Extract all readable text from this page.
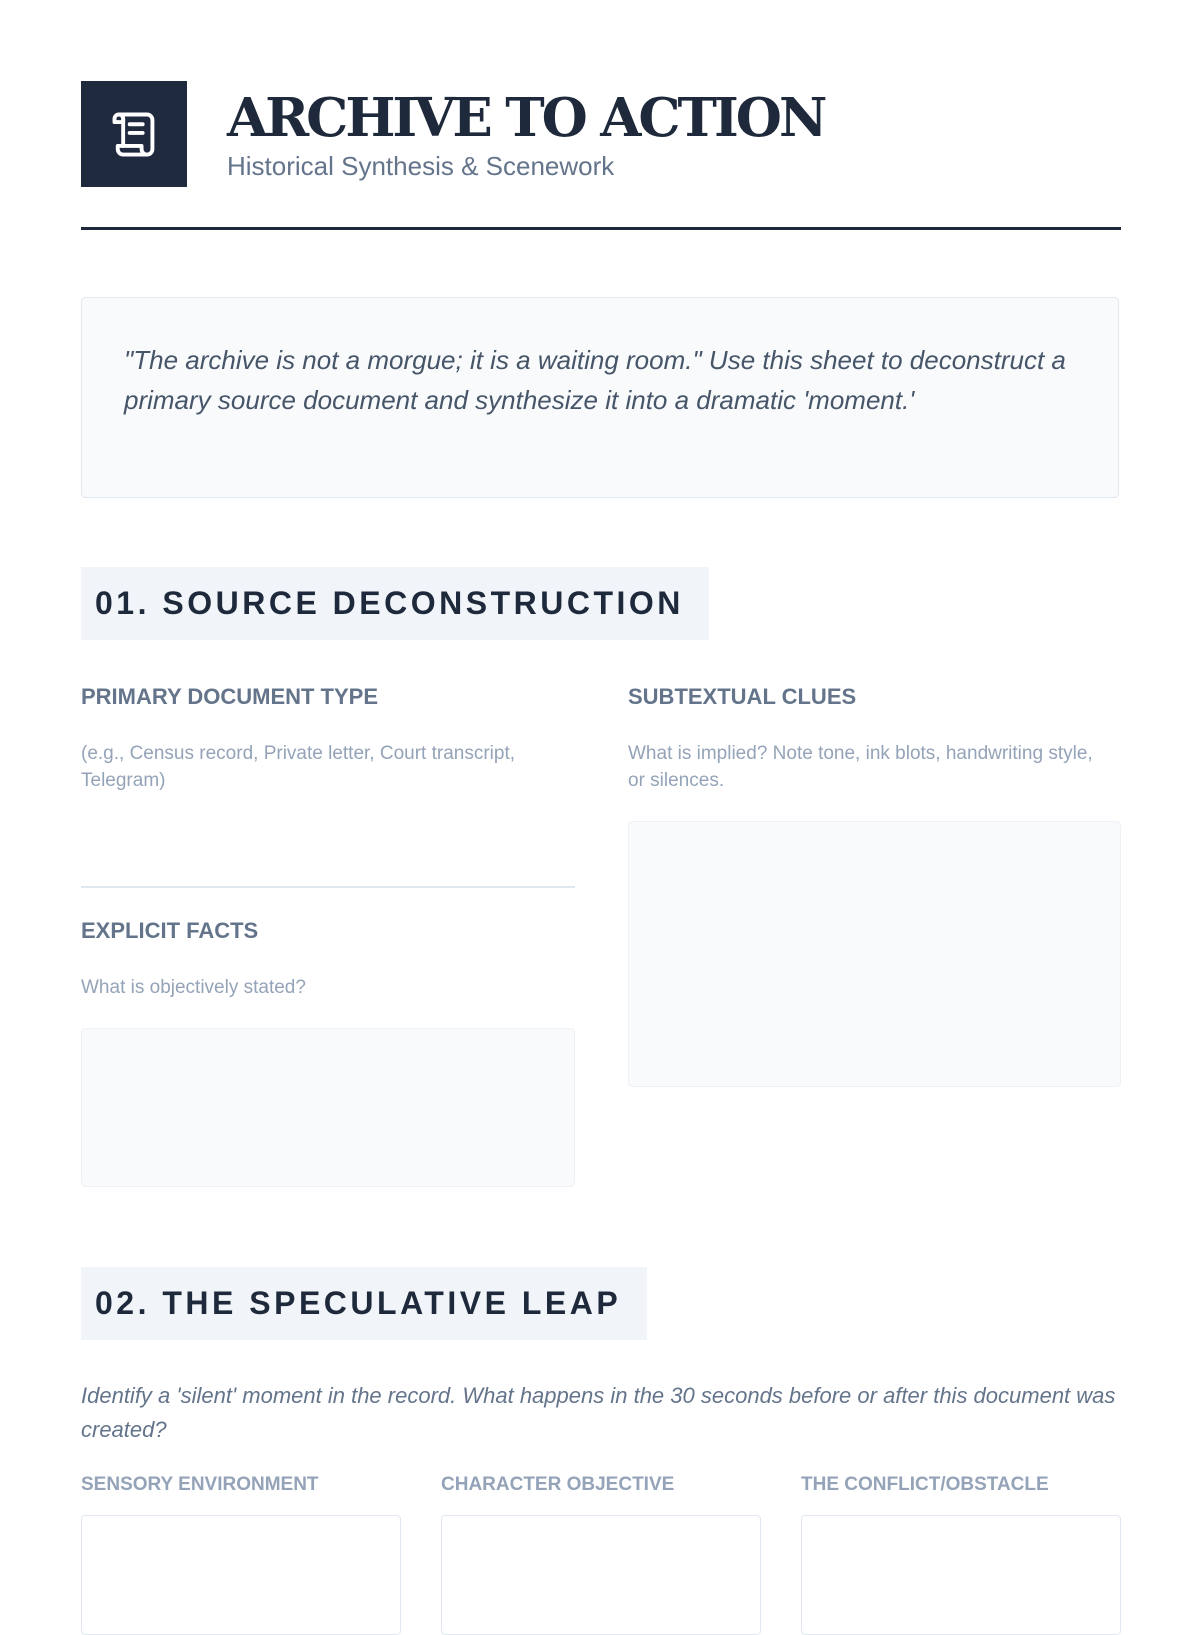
ARCHIVE TO ACTION
Historical Synthesis & Scenework

"The archive is not a morgue; it is a waiting room." Use this sheet to deconstruct a primary source document and synthesize it into a dramatic 'moment.'

01. SOURCE DECONSTRUCTION
PRIMARY DOCUMENT TYPE

(e.g., Census record, Private letter, Court transcript, Telegram)

EXPLICIT FACTS

What is objectively stated?

SUBTEXTUAL CLUES

What is implied? Note tone, ink blots, handwriting style, or silences.

02. THE SPECULATIVE LEAP

Identify a 'silent' moment in the record. What happens in the 30 seconds before or after this document was created?

SENSORY ENVIRONMENT	CHARACTER OBJECTIVE	THE CONFLICT/OBSTACLE
